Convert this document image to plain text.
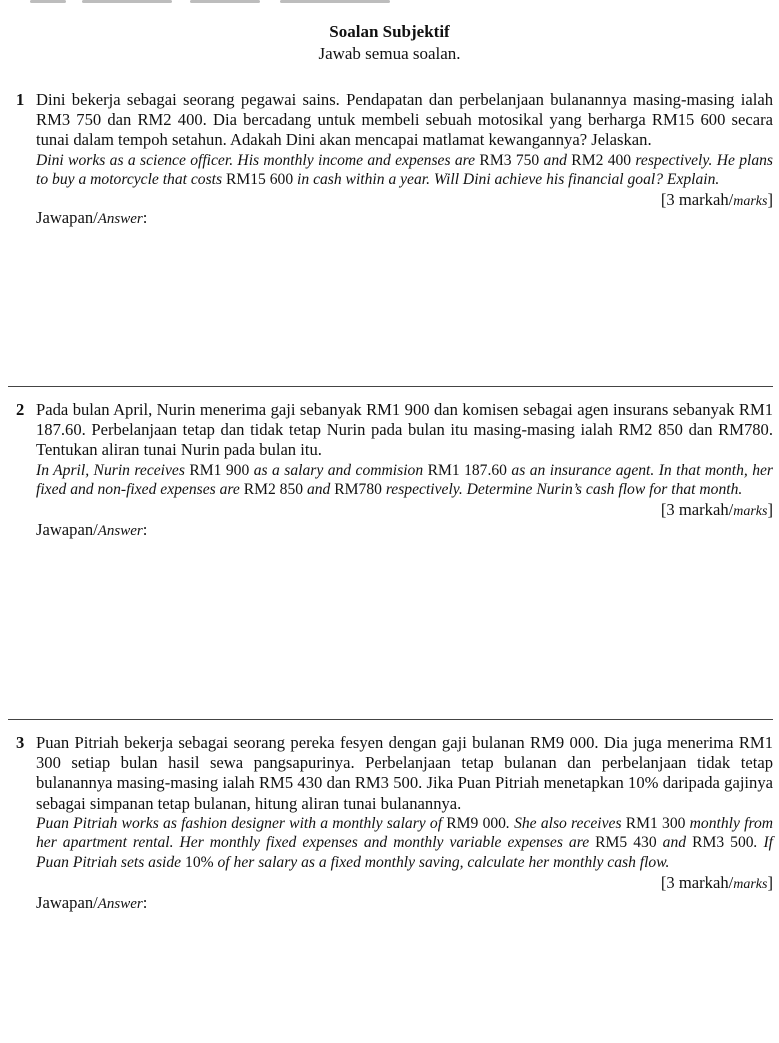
Soalan Subjektif
Jawab semua soalan.
1 Dini bekerja sebagai seorang pegawai sains. Pendapatan dan perbelanjaan bulanannya masing-masing ialah RM3 750 dan RM2 400. Dia bercadang untuk membeli sebuah motosikal yang berharga RM15 600 secara tunai dalam tempoh setahun. Adakah Dini akan mencapai matlamat kewangannya? Jelaskan.
Dini works as a science officer. His monthly income and expenses are RM3 750 and RM2 400 respectively. He plans to buy a motorcycle that costs RM15 600 in cash within a year. Will Dini achieve his financial goal? Explain.
[3 markah/marks]
Jawapan/Answer:
2 Pada bulan April, Nurin menerima gaji sebanyak RM1 900 dan komisen sebagai agen insurans sebanyak RM1 187.60. Perbelanjaan tetap dan tidak tetap Nurin pada bulan itu masing-masing ialah RM2 850 dan RM780. Tentukan aliran tunai Nurin pada bulan itu.
In April, Nurin receives RM1 900 as a salary and commision RM1 187.60 as an insurance agent. In that month, her fixed and non-fixed expenses are RM2 850 and RM780 respectively. Determine Nurin’s cash flow for that month.
[3 markah/marks]
Jawapan/Answer:
3 Puan Pitriah bekerja sebagai seorang pereka fesyen dengan gaji bulanan RM9 000. Dia juga menerima RM1 300 setiap bulan hasil sewa pangsapurinya. Perbelanjaan tetap bulanan dan perbelanjaan tidak tetap bulanannya masing-masing ialah RM5 430 dan RM3 500. Jika Puan Pitriah menetapkan 10% daripada gajinya sebagai simpanan tetap bulanan, hitung aliran tunai bulanannya.
Puan Pitriah works as fashion designer with a monthly salary of RM9 000. She also receives RM1 300 monthly from her apartment rental. Her monthly fixed expenses and monthly variable expenses are RM5 430 and RM3 500. If Puan Pitriah sets aside 10% of her salary as a fixed monthly saving, calculate her monthly cash flow.
[3 markah/marks]
Jawapan/Answer:
